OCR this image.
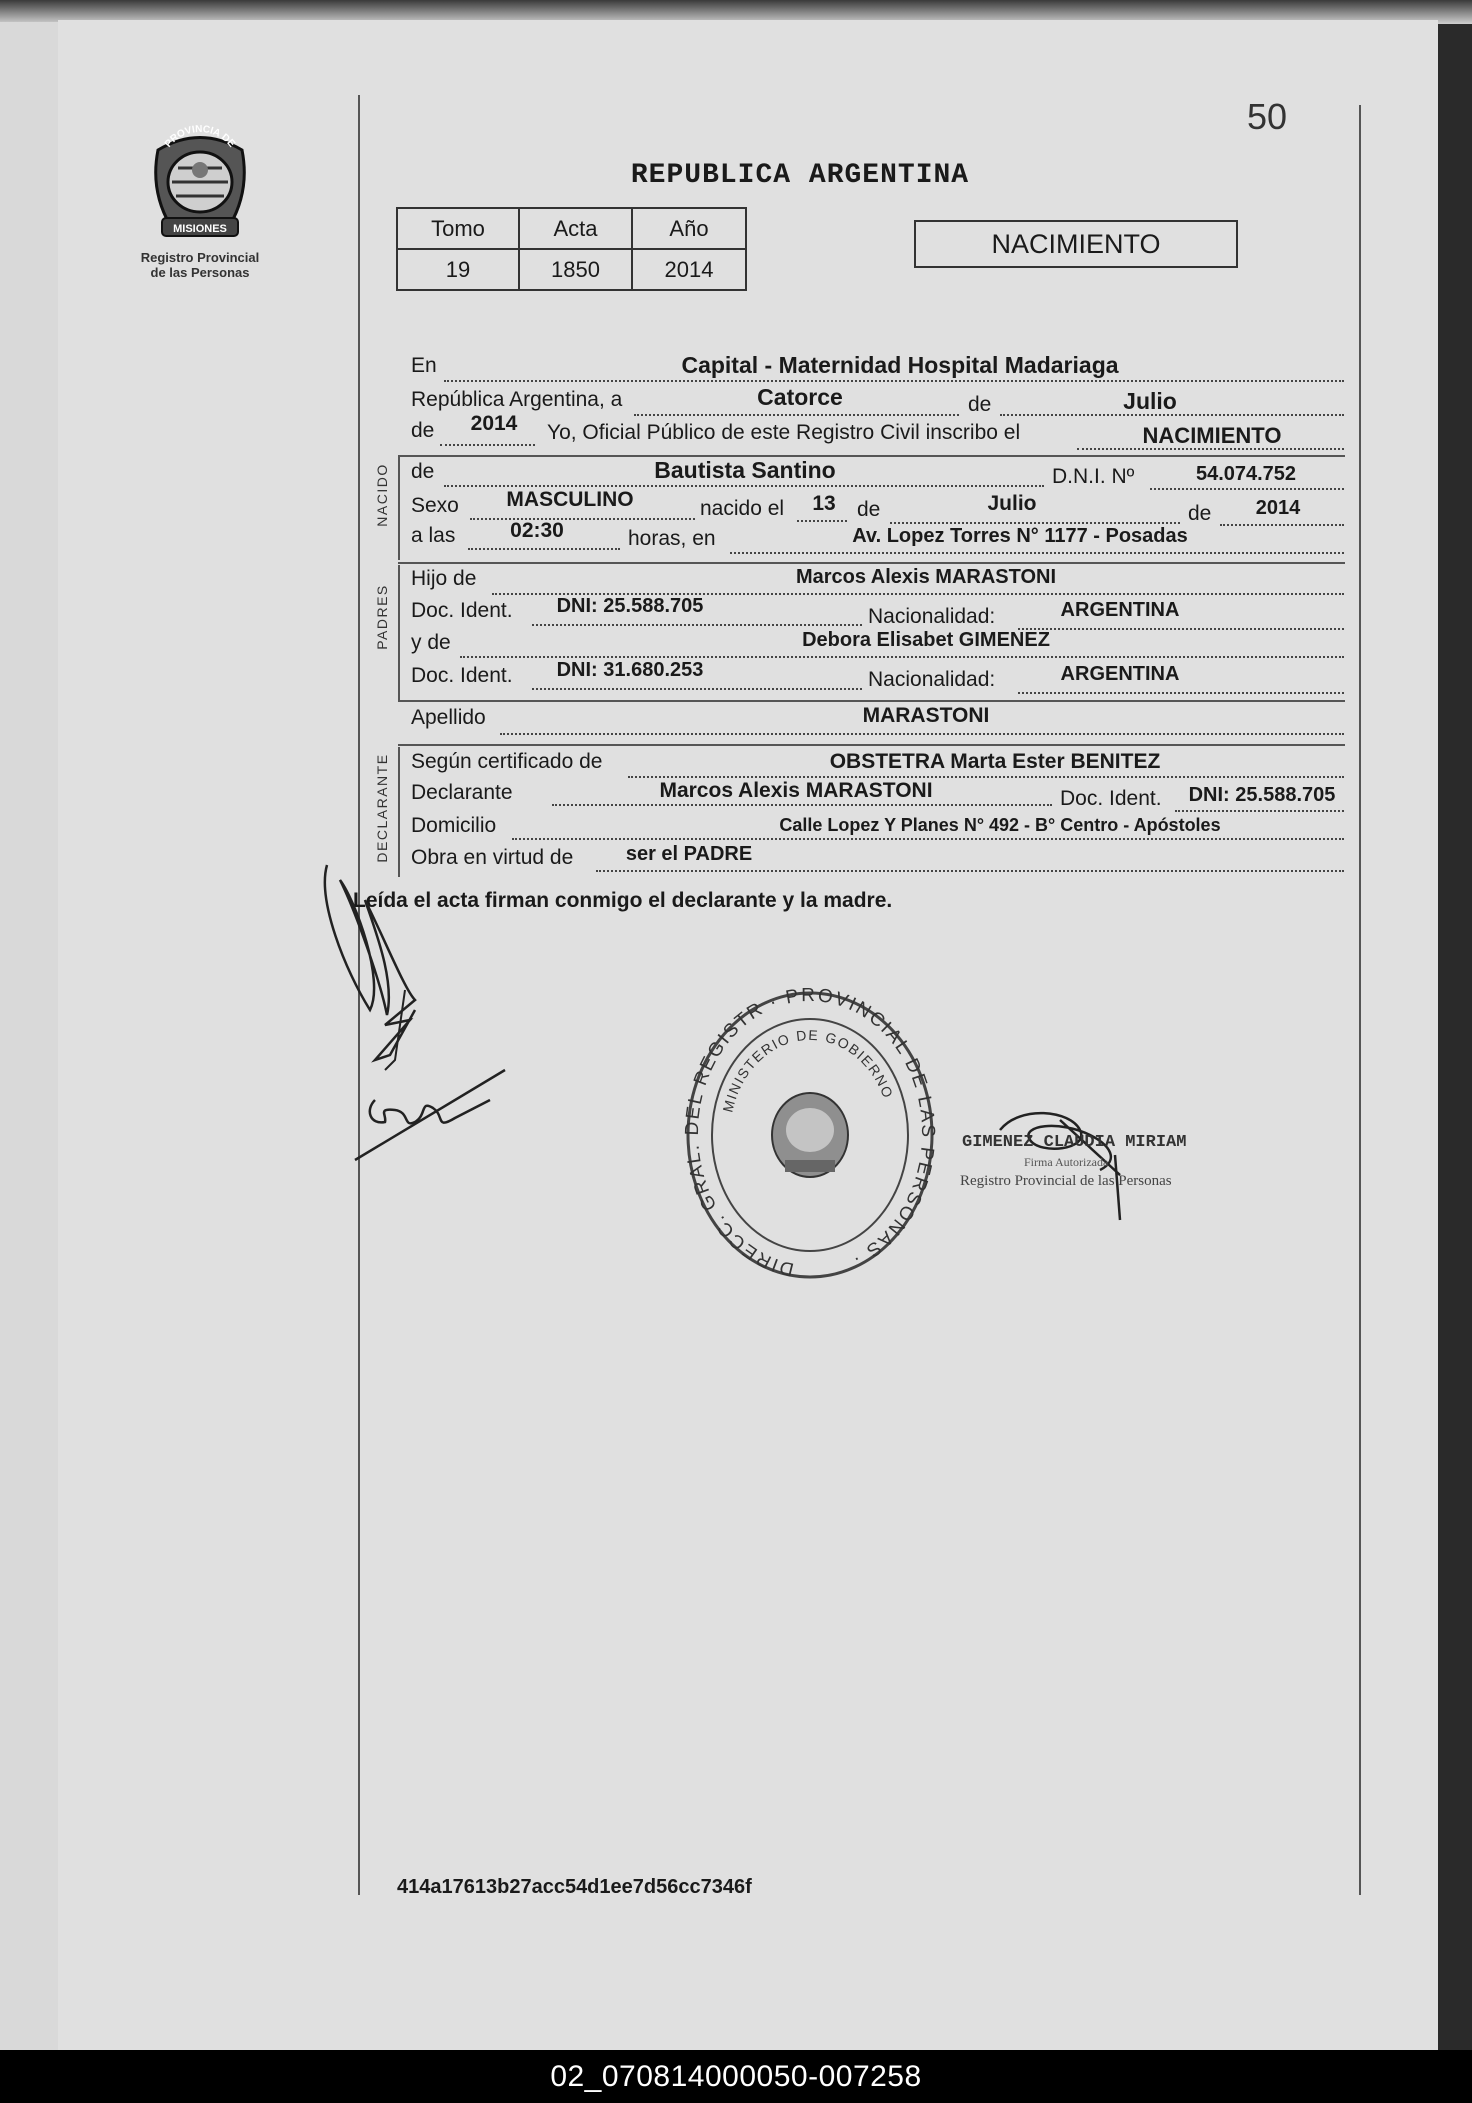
MISIONES
PROVINCIA DE
Registro Provincial
de las Personas
50
REPUBLICA ARGENTINA
Tomo	Acta	Año
19	1850	2014
NACIMIENTO
NACIDO
PADRES
DECLARANTE
En	Capital - Maternidad Hospital Madariaga
República Argentina, a	Catorce	de	Julio
de 2014 Yo, Oficial Público de este Registro Civil inscribo el	NACIMIENTO
de	Bautista Santino	D.N.I. Nº	54.074.752
Sexo MASCULINO	nacido el 13 de	Julio	de 2014
a las	02:30	horas, en	Av. Lopez Torres N° 1177 - Posadas
Hijo de	Marcos Alexis MARASTONI
Doc. Ident. DNI: 25.588.705	Nacionalidad:	ARGENTINA
y de	Debora Elisabet GIMENEZ
Doc. Ident. DNI: 31.680.253	Nacionalidad:	ARGENTINA
Apellido	MARASTONI
Según certificado de	OBSTETRA Marta Ester BENITEZ
Declarante	Marcos Alexis MARASTONI	Doc. Ident. DNI: 25.588.705
Domicilio	Calle Lopez Y Planes N° 492 - B° Centro - Apóstoles
Obra en virtud de	ser el PADRE
Leída el acta firman conmigo el declarante y la madre.
DIRECC. GRAL. DEL REGISTR · PROVINCIAL DE LAS PERSONAS ·
MINISTERIO DE GOBIERNO
GIMENEZ CLAUDIA MIRIAM
Firma Autorizada
Registro Provincial de las Personas
414a17613b27acc54d1ee7d56cc7346f
02_070814000050-007258
